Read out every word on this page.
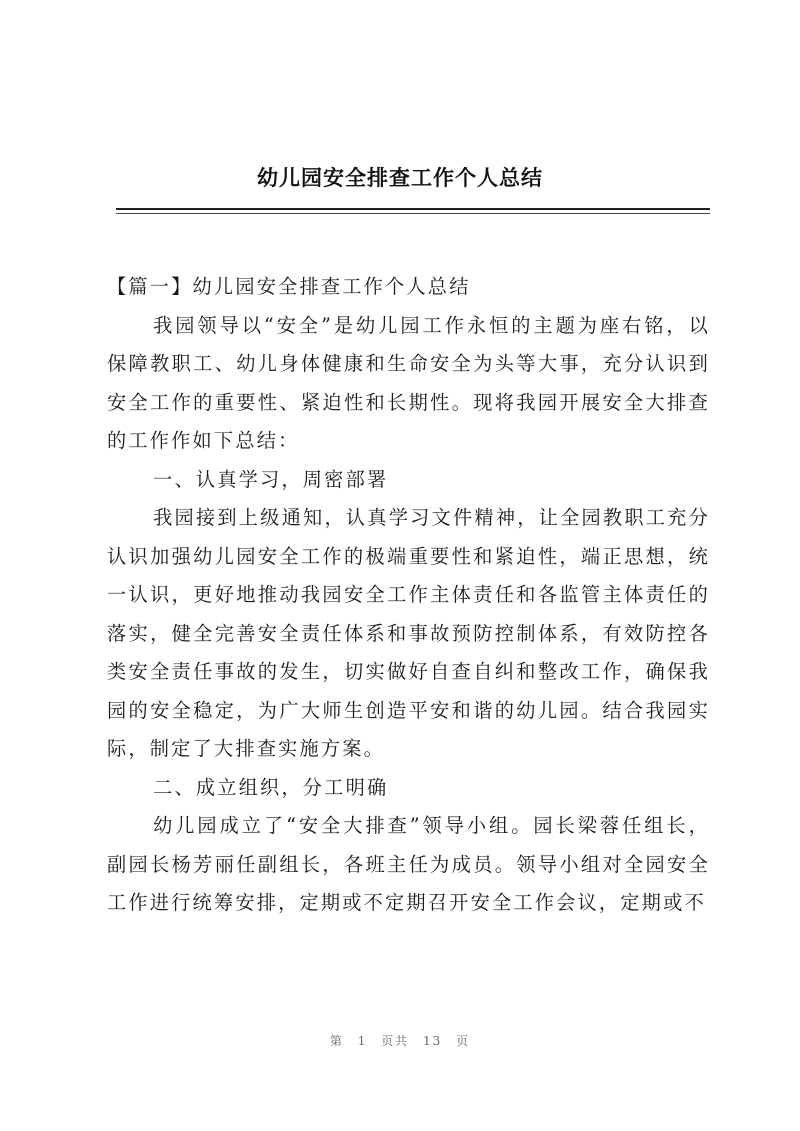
幼儿园安全排查工作个人总结

【篇一】幼儿园安全排查工作个人总结

我园领导以“安全”是幼儿园工作永恒的主题为座右铭，以保障教职工、幼儿身体健康和生命安全为头等大事，充分认识到安全工作的重要性、紧迫性和长期性。现将我园开展安全大排查的工作作如下总结：

一、认真学习，周密部署

我园接到上级通知，认真学习文件精神，让全园教职工充分认识加强幼儿园安全工作的极端重要性和紧迫性，端正思想，统一认识，更好地推动我园安全工作主体责任和各监管主体责任的落实，健全完善安全责任体系和事故预防控制体系，有效防控各类安全责任事故的发生，切实做好自查自纠和整改工作，确保我园的安全稳定，为广大师生创造平安和谐的幼儿园。结合我园实际，制定了大排查实施方案。

二、成立组织，分工明确

幼儿园成立了“安全大排查”领导小组。园长梁蓉任组长，副园长杨芳丽任副组长，各班主任为成员。领导小组对全园安全工作进行统筹安排，定期或不定期召开安全工作会议，定期或不

第 1 页共 13 页
